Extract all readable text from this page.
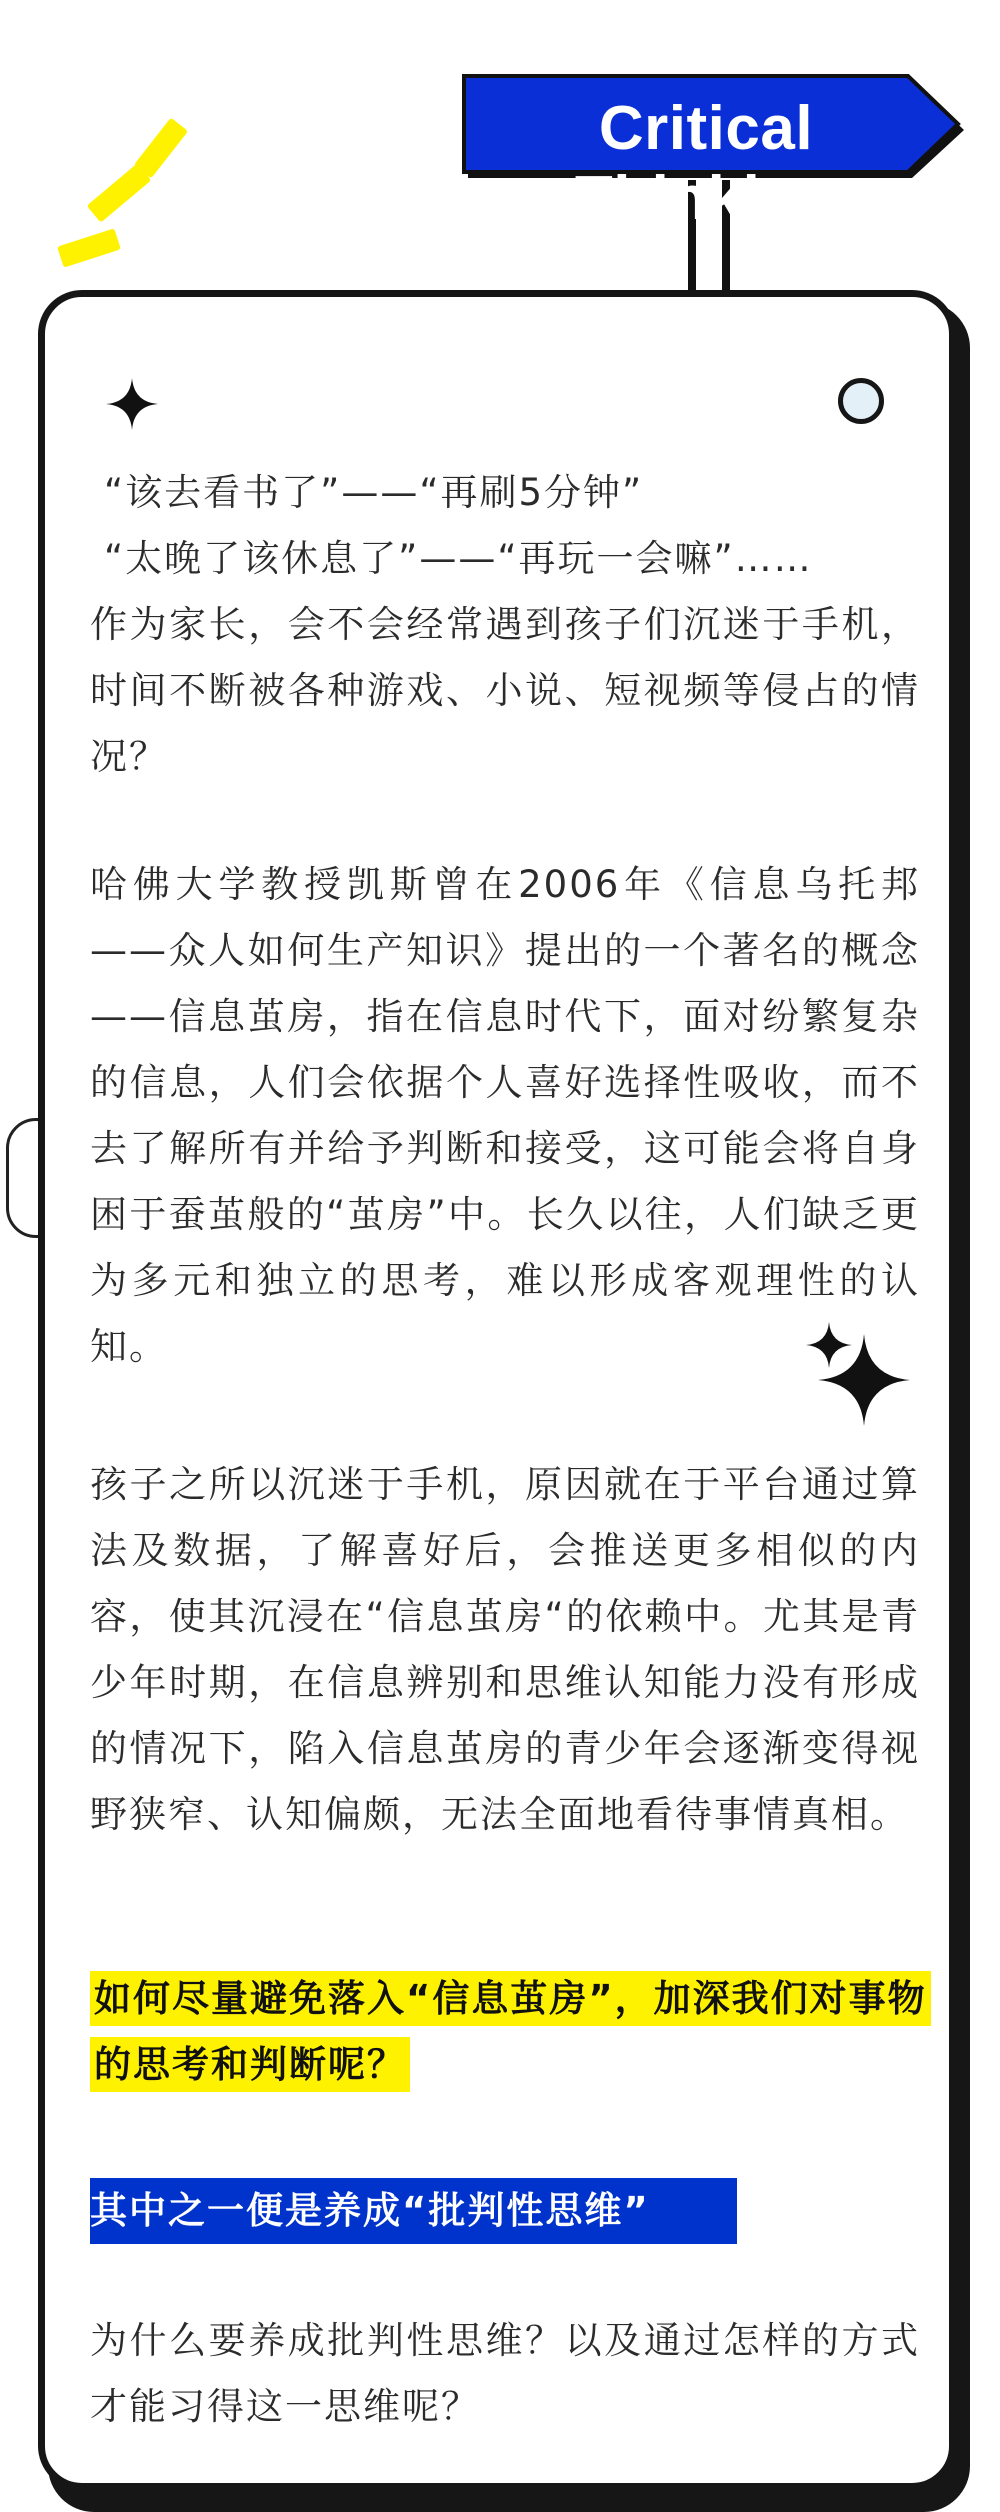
Critical Thinking

“该去看书了”——“再刷5分钟”

“太晚了该休息了”——“再玩一会嘛”……

作为家长，会不会经常遇到孩子们沉迷于手机，时间不断被各种游戏、小说、短视频等侵占的情况？

哈佛大学教授凯斯曾在2006年《信息乌托邦——众人如何生产知识》提出的一个著名的概念——信息茧房，指在信息时代下，面对纷繁复杂的信息，人们会依据个人喜好选择性吸收，而不去了解所有并给予判断和接受，这可能会将自身困于蚕茧般的“茧房”中。长久以往，人们缺乏更为多元和独立的思考，难以形成客观理性的认知。

孩子之所以沉迷于手机，原因就在于平台通过算法及数据，了解喜好后，会推送更多相似的内容，使其沉浸在“信息茧房“的依赖中。尤其是青少年时期，在信息辨别和思维认知能力没有形成的情况下，陷入信息茧房的青少年会逐渐变得视野狭窄、认知偏颇，无法全面地看待事情真相。

如何尽量避免落入“信息茧房”，加深我们对事物的思考和判断呢？
其中之一便是养成“批判性思维”

为什么要养成批判性思维？以及通过怎样的方式才能习得这一思维呢？
